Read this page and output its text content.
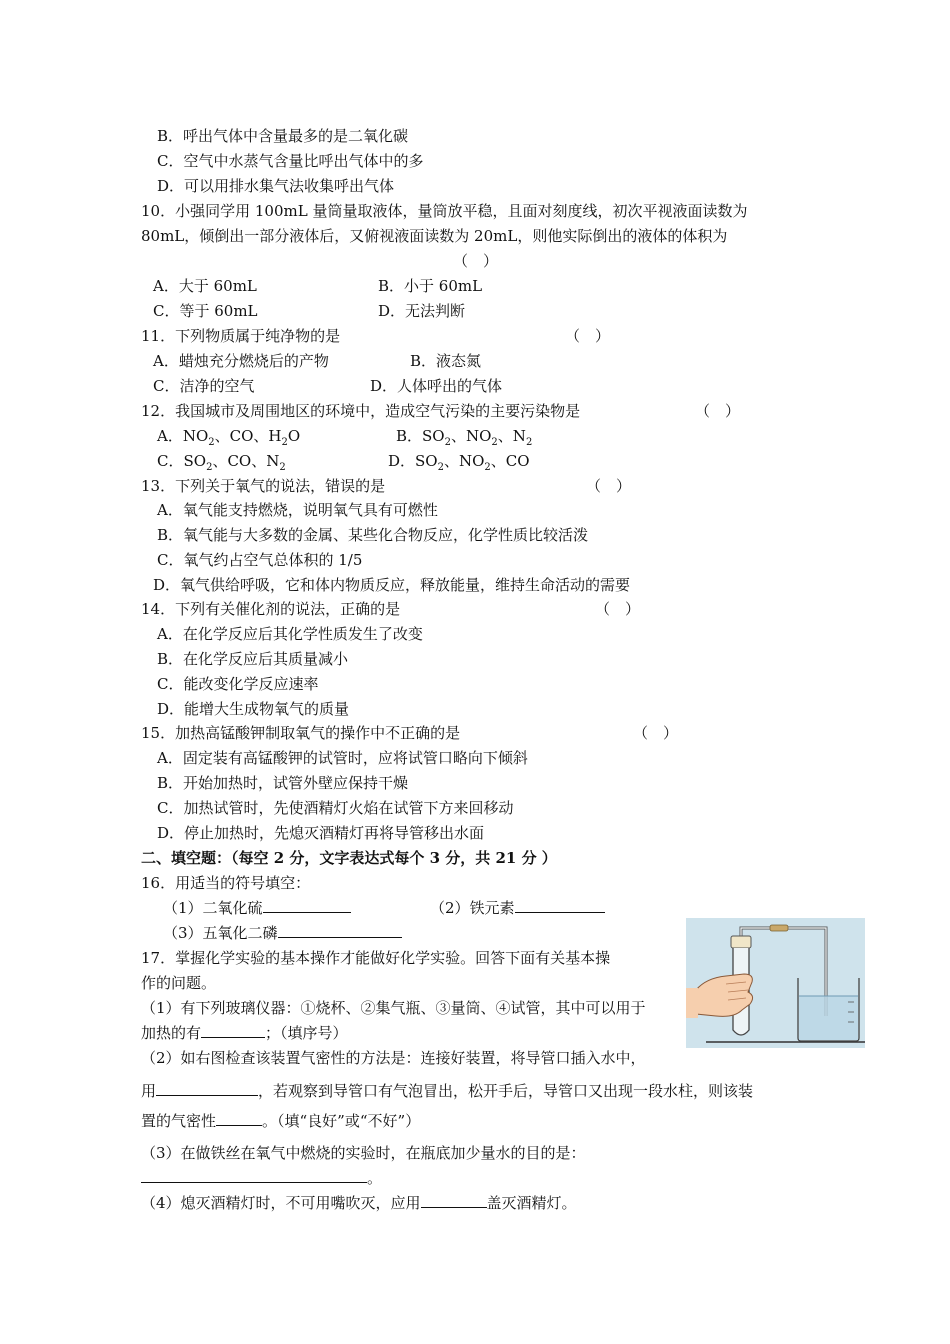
B．呼出气体中含量最多的是二氧化碳
C．空气中水蒸气含量比呼出气体中的多
D．可以用排水集气法收集呼出气体
10．小强同学用 100mL 量筒量取液体，量筒放平稳，且面对刻度线，初次平视液面读数为
80mL，倾倒出一部分液体后，又俯视液面读数为 20mL，则他实际倒出的液体的体积为
（　）
A．大于 60mL	B．小于 60mL
C．等于 60mL	D．无法判断
11．下列物质属于纯净物的是	（　）
A．蜡烛充分燃烧后的产物	B．液态氮
C．洁净的空气	D．人体呼出的气体
12．我国城市及周围地区的环境中，造成空气污染的主要污染物是	（　）
A．$NO_2$、CO、$H_2O$	B．$SO_2$、$NO_2$、$N_2$
C．$SO_2$、CO、$N_2$	D．$SO_2$、$NO_2$、CO
13．下列关于氧气的说法，错误的是	（　）
A．氧气能支持燃烧，说明氧气具有可燃性
B．氧气能与大多数的金属、某些化合物反应，化学性质比较活泼
C．氧气约占空气总体积的 1/5
D．氧气供给呼吸，它和体内物质反应，释放能量，维持生命活动的需要
14．下列有关催化剂的说法，正确的是	（　）
A．在化学反应后其化学性质发生了改变
B．在化学反应后其质量减小
C．能改变化学反应速率
D．能增大生成物氧气的质量
15．加热高锰酸钾制取氧气的操作中不正确的是	（　）
A．固定装有高锰酸钾的试管时，应将试管口略向下倾斜
B．开始加热时，试管外壁应保持干燥
C．加热试管时，先使酒精灯火焰在试管下方来回移动
D．停止加热时，先熄灭酒精灯再将导管移出水面
二、填空题：（每空 2 分，文字表达式每个 3 分，共 21 分 ）
16．用适当的符号填空：
（1）二氧化硫	（2）铁元素
（3）五氧化二磷
17．掌握化学实验的基本操作才能做好化学实验。回答下面有关基本操
作的问题。
（1）有下列玻璃仪器：①烧杯、②集气瓶、③量筒、④试管，其中可以用于
加热的有	；（填序号）
（2）如右图检查该装置气密性的方法是：连接好装置，将导管口插入水中，
用	，若观察到导管口有气泡冒出，松开手后，导管口又出现一段水柱，则该装
置的气密性	。（填“良好”或“不好”）
（3）在做铁丝在氧气中燃烧的实验时，在瓶底加少量水的目的是：
。
（4）熄灭酒精灯时，不可用嘴吹灭，应用	盖灭酒精灯。
